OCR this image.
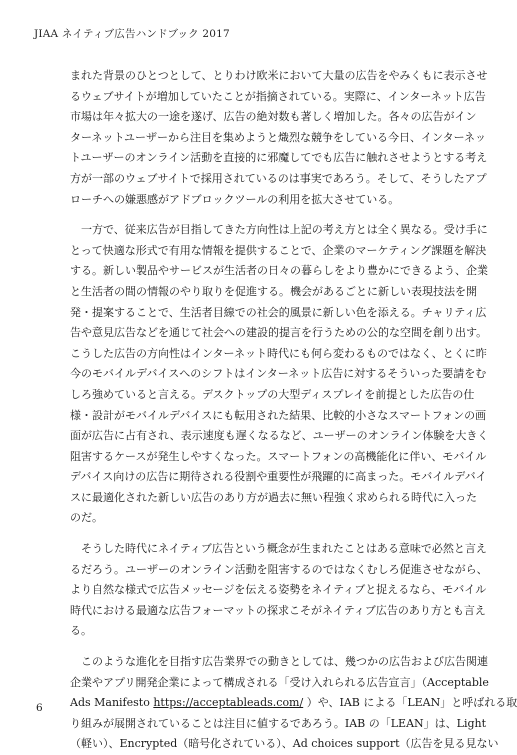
JIAA ネイティブ広告ハンドブック 2017
まれた背景のひとつとして、とりわけ欧米において大量の広告をやみくもに表示させ
るウェブサイトが増加していたことが指摘されている。実際に、インターネット広告
市場は年々拡大の一途を遂げ、広告の絶対数も著しく増加した。各々の広告がイン
ターネットユーザーから注目を集めようと熾烈な競争をしている今日、インターネッ
トユーザーのオンライン活動を直接的に邪魔してでも広告に触れさせようとする考え
方が一部のウェブサイトで採用されているのは事実であろう。そして、そうしたアプ
ローチへの嫌悪感がアドブロックツールの利用を拡大させている。
　一方で、従来広告が目指してきた方向性は上記の考え方とは全く異なる。受け手に
とって快適な形式で有用な情報を提供することで、企業のマーケティング課題を解決
する。新しい製品やサービスが生活者の日々の暮らしをより豊かにできるよう、企業
と生活者の間の情報のやり取りを促進する。機会があるごとに新しい表現技法を開
発・提案することで、生活者目線での社会的風景に新しい色を添える。チャリティ広
告や意見広告などを通じて社会への建設的提言を行うための公的な空間を創り出す。
こうした広告の方向性はインターネット時代にも何ら変わるものではなく、とくに昨
今のモバイルデバイスへのシフトはインターネット広告に対するそういった要請をむ
しろ強めていると言える。デスクトップの大型ディスプレイを前提とした広告の仕
様・設計がモバイルデバイスにも転用された結果、比較的小さなスマートフォンの画
面が広告に占有され、表示速度も遅くなるなど、ユーザーのオンライン体験を大きく
阻害するケースが発生しやすくなった。スマートフォンの高機能化に伴い、モバイル
デバイス向けの広告に期待される役割や重要性が飛躍的に高まった。モバイルデバイ
スに最適化された新しい広告のあり方が過去に無い程強く求められる時代に入った
のだ。
　そうした時代にネイティブ広告という概念が生まれたことはある意味で必然と言え
るだろう。ユーザーのオンライン活動を阻害するのではなくむしろ促進させながら、
より自然な様式で広告メッセージを伝える姿勢をネイティブと捉えるなら、モバイル
時代における最適な広告フォーマットの探求こそがネイティブ広告のあり方とも言え
る。
　このような進化を目指す広告業界での動きとしては、幾つかの広告および広告関連
企業やアプリ開発企業によって構成される「受け入れられる広告宣言」（Acceptable
Ads Manifesto https://acceptableads.com/ ）や、IAB による「LEAN」と呼ばれる取
り組みが展開されていることは注目に値するであろう。IAB の「LEAN」は、Light
（軽い）、Encrypted（暗号化されている）、Ad choices support（広告を見る見ない
6
